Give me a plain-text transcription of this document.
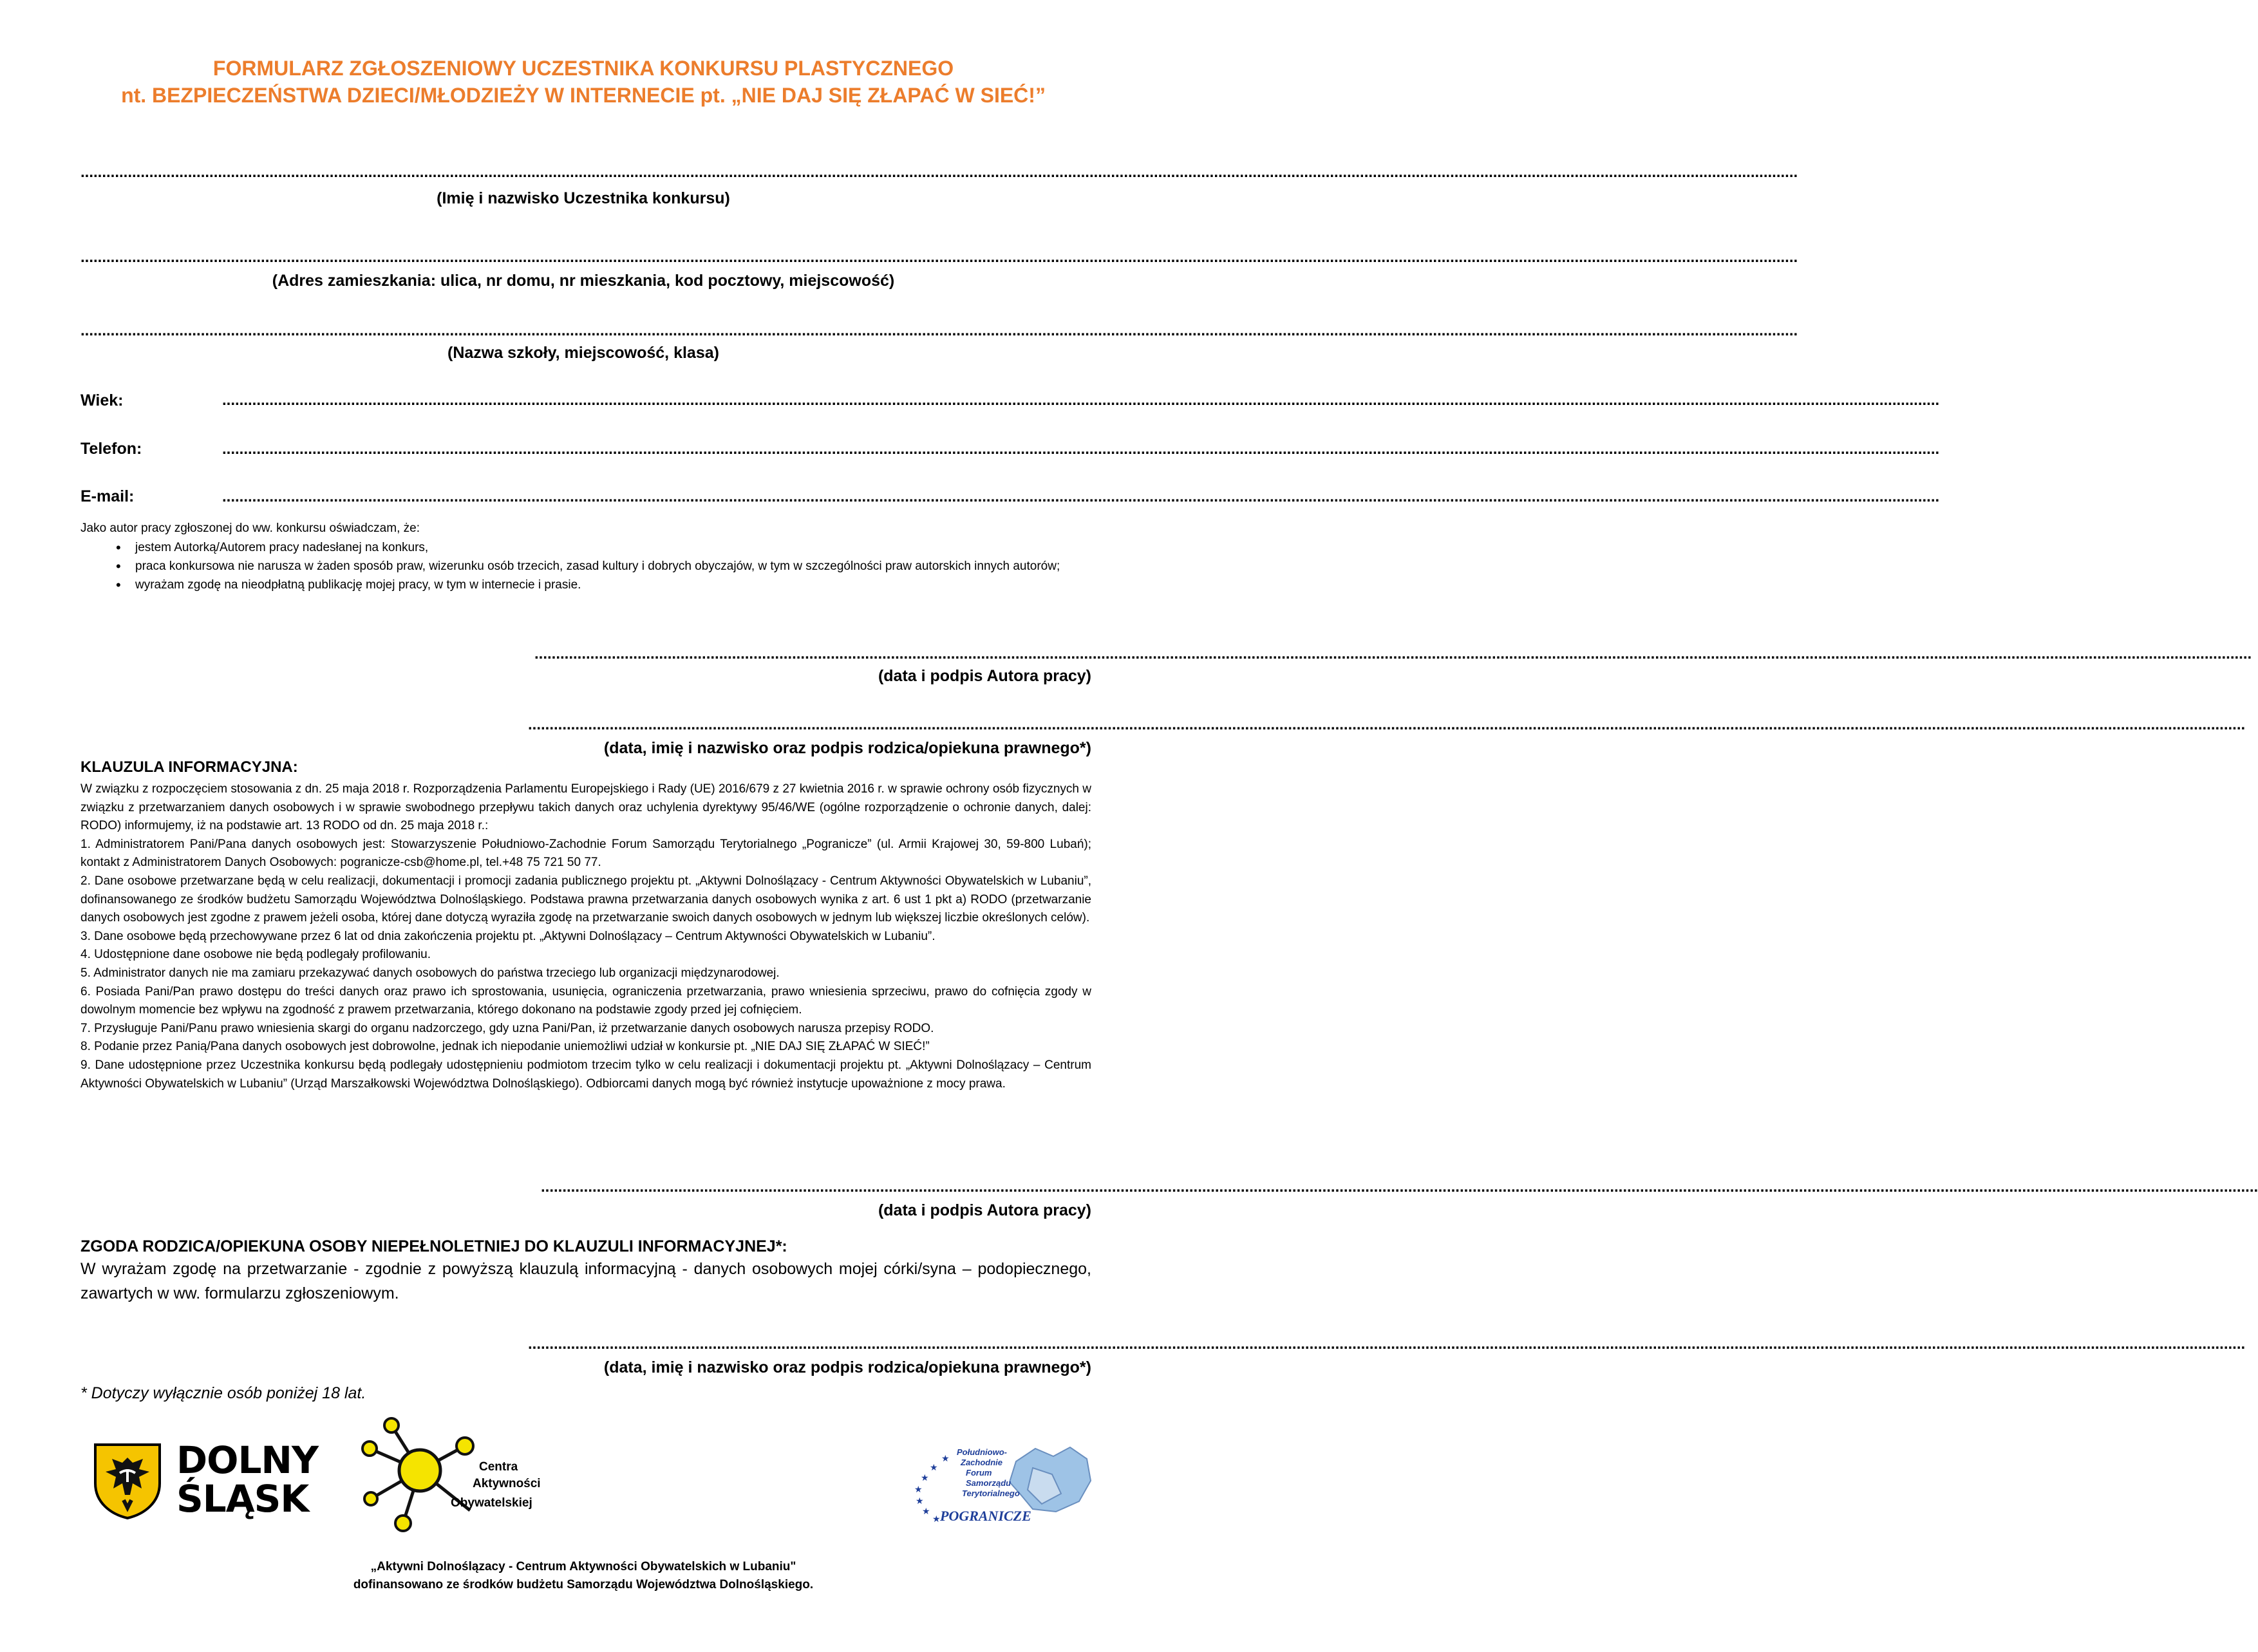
FORMULARZ ZGŁOSZENIOWY UCZESTNIKA KONKURSU PLASTYCZNEGO
nt. BEZPIECZEŃSTWA DZIECI/MŁODZIEŻY W INTERNECIE pt. „NIE DAJ SIĘ ZŁAPAĆ W SIEĆ!”
................................................................................................................................................................................................................................................................................................................................................................................................................
(Imię i nazwisko Uczestnika konkursu)
................................................................................................................................................................................................................................................................................................................................................................................................................
(Adres zamieszkania: ulica, nr domu, nr mieszkania, kod pocztowy, miejscowość)
................................................................................................................................................................................................................................................................................................................................................................................................................
(Nazwa szkoły, miejscowość, klasa)
Wiek:	................................................................................................................................................................................................................................................................................................................................................................................................................
Telefon:	................................................................................................................................................................................................................................................................................................................................................................................................................
E-mail:	................................................................................................................................................................................................................................................................................................................................................................................................................
Jako autor pracy zgłoszonej do ww. konkursu oświadczam, że:
• jestem Autorką/Autorem pracy nadesłanej na konkurs,
• praca konkursowa nie narusza w żaden sposób praw, wizerunku osób trzecich, zasad kultury i dobrych obyczajów, w tym w szczególności praw autorskich innych autorów;
• wyrażam zgodę na nieodpłatną publikację mojej pracy, w tym w internecie i prasie.
................................................................................................................................................................................................................................................................................................................................................................................................................
(data i podpis Autora pracy)
................................................................................................................................................................................................................................................................................................................................................................................................................
(data, imię i nazwisko oraz podpis rodzica/opiekuna prawnego*)
KLAUZULA INFORMACYJNA:

W związku z rozpoczęciem stosowania z dn. 25 maja 2018 r. Rozporządzenia Parlamentu Europejskiego i Rady (UE) 2016/679 z 27 kwietnia 2016 r. w sprawie ochrony osób fizycznych w związku z przetwarzaniem danych osobowych i w sprawie swobodnego przepływu takich danych oraz uchylenia dyrektywy 95/46/WE (ogólne rozporządzenie o ochronie danych, dalej: RODO) informujemy, iż na podstawie art. 13 RODO od dn. 25 maja 2018 r.:

1. Administratorem Pani/Pana danych osobowych jest: Stowarzyszenie Południowo-Zachodnie Forum Samorządu Terytorialnego „Pogranicze” (ul. Armii Krajowej 30, 59-800 Lubań); kontakt z Administratorem Danych Osobowych: pogranicze-csb@home.pl, tel.+48 75 721 50 77.

2. Dane osobowe przetwarzane będą w celu realizacji, dokumentacji i promocji zadania publicznego projektu pt. „Aktywni Dolnoślązacy - Centrum Aktywności Obywatelskich w Lubaniu”, dofinansowanego ze środków budżetu Samorządu Województwa Dolnośląskiego. Podstawa prawna przetwarzania danych osobowych wynika z art. 6 ust 1 pkt a) RODO (przetwarzanie danych osobowych jest zgodne z prawem jeżeli osoba, której dane dotyczą wyraziła zgodę na przetwarzanie swoich danych osobowych w jednym lub większej liczbie określonych celów).

3. Dane osobowe będą przechowywane przez 6 lat od dnia zakończenia projektu pt. „Aktywni Dolnoślązacy – Centrum Aktywności Obywatelskich w Lubaniu”.

4. Udostępnione dane osobowe nie będą podlegały profilowaniu.

5. Administrator danych nie ma zamiaru przekazywać danych osobowych do państwa trzeciego lub organizacji międzynarodowej.

6. Posiada Pani/Pan prawo dostępu do treści danych oraz prawo ich sprostowania, usunięcia, ograniczenia przetwarzania, prawo wniesienia sprzeciwu, prawo do cofnięcia zgody w dowolnym momencie bez wpływu na zgodność z prawem przetwarzania, którego dokonano na podstawie zgody przed jej cofnięciem.

7. Przysługuje Pani/Panu prawo wniesienia skargi do organu nadzorczego, gdy uzna Pani/Pan, iż przetwarzanie danych osobowych narusza przepisy RODO.

8. Podanie przez Panią/Pana danych osobowych jest dobrowolne, jednak ich niepodanie uniemożliwi udział w konkursie pt. „NIE DAJ SIĘ ZŁAPAĆ W SIEĆ!”

9. Dane udostępnione przez Uczestnika konkursu będą podlegały udostępnieniu podmiotom trzecim tylko w celu realizacji i dokumentacji projektu pt. „Aktywni Dolnoślązacy – Centrum Aktywności Obywatelskich w Lubaniu” (Urząd Marszałkowski Województwa Dolnośląskiego). Odbiorcami danych mogą być również instytucje upoważnione z mocy prawa.

................................................................................................................................................................................................................................................................................................................................................................................................................
(data i podpis Autora pracy)
ZGODA RODZICA/OPIEKUNA OSOBY NIEPEŁNOLETNIEJ DO KLAUZULI INFORMACYJNEJ*:
W wyrażam zgodę na przetwarzanie - zgodnie z powyższą klauzulą informacyjną - danych osobowych mojej córki/syna – podopiecznego, zawartych w ww. formularzu zgłoszeniowym.
................................................................................................................................................................................................................................................................................................................................................................................................................
(data, imię i nazwisko oraz podpis rodzica/opiekuna prawnego*)
* Dotyczy wyłącznie osób poniżej 18 lat.
DOLNY
ŚLĄSK
Centra
Aktywności
Obywatelskiej
★
★
★
★
★
★
★
Południowo-
Zachodnie
Forum
Samorządu
Terytorialnego
POGRANICZE
„Aktywni Dolnoślązacy - Centrum Aktywności Obywatelskich w Lubaniu"
dofinansowano ze środków budżetu Samorządu Województwa Dolnośląskiego.
